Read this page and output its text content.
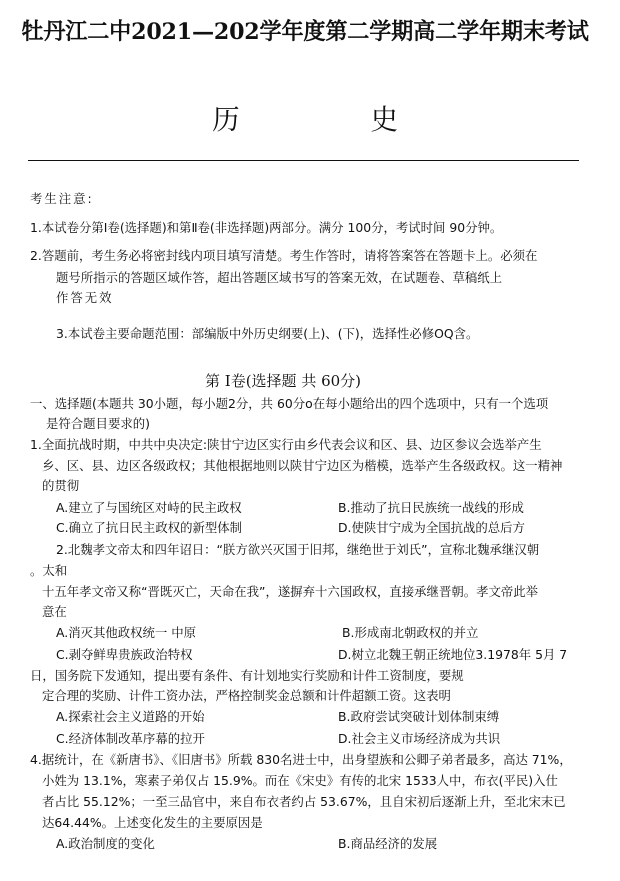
牡丹江二中2021—202学年度第二学期高二学年期末考试
历 史
考生注意:
1.本试卷分第Ⅰ卷(选择题)和第Ⅱ卷(非选择题)两部分。满分 100分，考试时间 90分钟。
2.答题前，考生务必将密封线内项目填写清楚。考生作答时，请将答案答在答题卡上。必须在
题号所指示的答题区域作答，超出答题区域书写的答案无效，在试题卷、草稿纸上
作答无效
3.本试卷主要命题范围：部编版中外历史纲要(上)、(下)，选择性必修OQ含。
第 Ⅰ卷(选择题 共 60分)
一、选择题(本题共 30小题，每小题2分，共 60分o在每小题给出的四个选项中，只有一个选项
是符合题目要求的)
1.全面抗战时期，中共中央决定:陕甘宁边区实行由乡代表会议和区、县、边区参议会选举产生
乡、区、县、边区各级政权；其他根据地则以陕甘宁边区为楷模，选举产生各级政权。这一精神
的贯彻
A.建立了与国统区对峙的民主政权	B.推动了抗日民族统一战线的形成
C.确立了抗日民主政权的新型体制	D.使陕甘宁成为全国抗战的总后方
2.北魏孝文帝太和四年诏日：“朕方欲兴灭国于旧邦，继绝世于刘氏”，宣称北魏承继汉朝
。太和
十五年孝文帝又称“晋既灭亡，天命在我”，遂摒弃十六国政权，直接承继晋朝。孝文帝此举
意在
A.消灭其他政权统一 中原	B.形成南北朝政权的并立
C.剥夺鲜卑贵族政治特权	D.树立北魏王朝正统地位3.1978年 5月 7
日，国务院下发通知，提出要有条件、有计划地实行奖励和计件工资制度，要规
定合理的奖励、计件工资办法，严格控制奖金总额和计件超额工资。这表明
A.探索社会主义道路的开始	B.政府尝试突破计划体制束缚
C.经济体制改革序幕的拉开	D.社会主义市场经济成为共识
4.据统计，在《新唐书》、《旧唐书》所载 830名进士中，出身望族和公卿子弟者最多，高达 71%，
小姓为 13.1%，寒素子弟仅占 15.9%。而在《宋史》有传的北宋 1533人中，布衣(平民)入仕
者占比 55.12%；一至三品官中，来自布衣者约占 53.67%，且自宋初后逐渐上升，至北宋末已
达64.44%。上述变化发生的主要原因是
A.政治制度的变化	B.商品经济的发展
